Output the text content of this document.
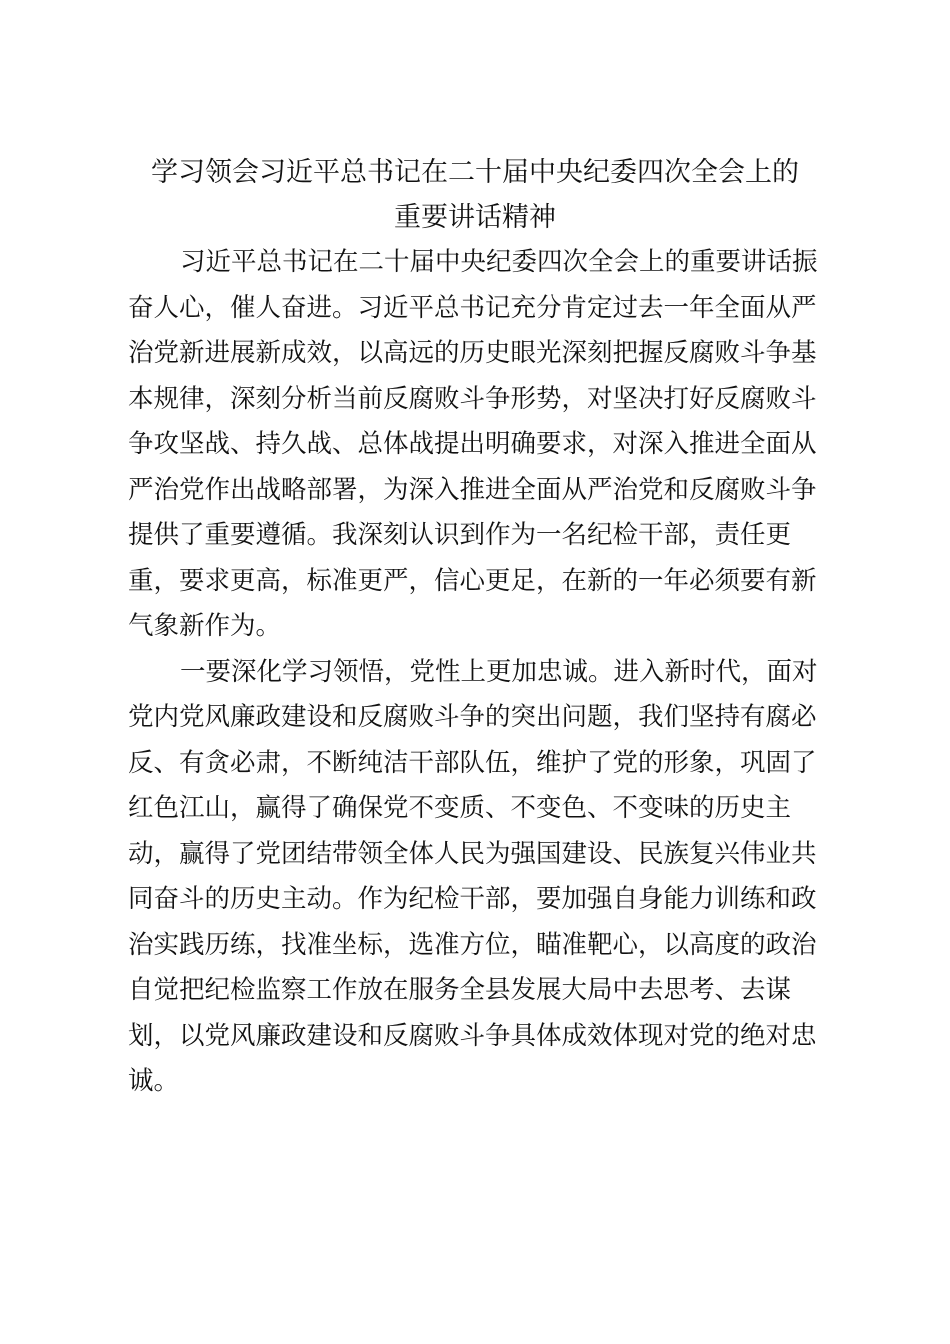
学习领会习近平总书记在二十届中央纪委四次全会上的
重要讲话精神

习近平总书记在二十届中央纪委四次全会上的重要讲话振
奋人心，催人奋进。习近平总书记充分肯定过去一年全面从严
治党新进展新成效，以高远的历史眼光深刻把握反腐败斗争基
本规律，深刻分析当前反腐败斗争形势，对坚决打好反腐败斗
争攻坚战、持久战、总体战提出明确要求，对深入推进全面从
严治党作出战略部署，为深入推进全面从严治党和反腐败斗争
提供了重要遵循。我深刻认识到作为一名纪检干部，责任更
重，要求更高，标准更严，信心更足，在新的一年必须要有新
气象新作为。

一要深化学习领悟，党性上更加忠诚。进入新时代，面对
党内党风廉政建设和反腐败斗争的突出问题，我们坚持有腐必
反、有贪必肃，不断纯洁干部队伍，维护了党的形象，巩固了
红色江山，赢得了确保党不变质、不变色、不变味的历史主
动，赢得了党团结带领全体人民为强国建设、民族复兴伟业共
同奋斗的历史主动。作为纪检干部，要加强自身能力训练和政
治实践历练，找准坐标，选准方位，瞄准靶心，以高度的政治
自觉把纪检监察工作放在服务全县发展大局中去思考、去谋
划，以党风廉政建设和反腐败斗争具体成效体现对党的绝对忠
诚。
